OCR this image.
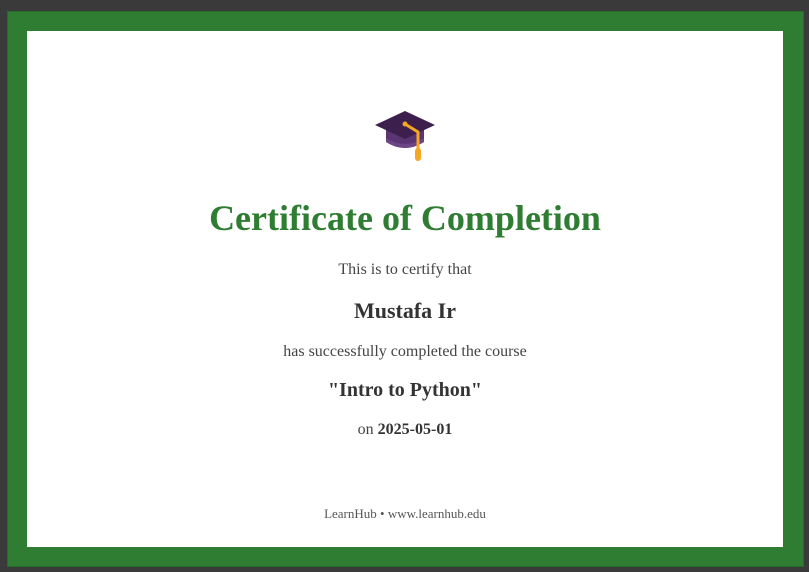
Certificate of Completion
This is to certify that
Mustafa Ir
has successfully completed the course
"Intro to Python"
on 2025-05-01
LearnHub • www.learnhub.edu
